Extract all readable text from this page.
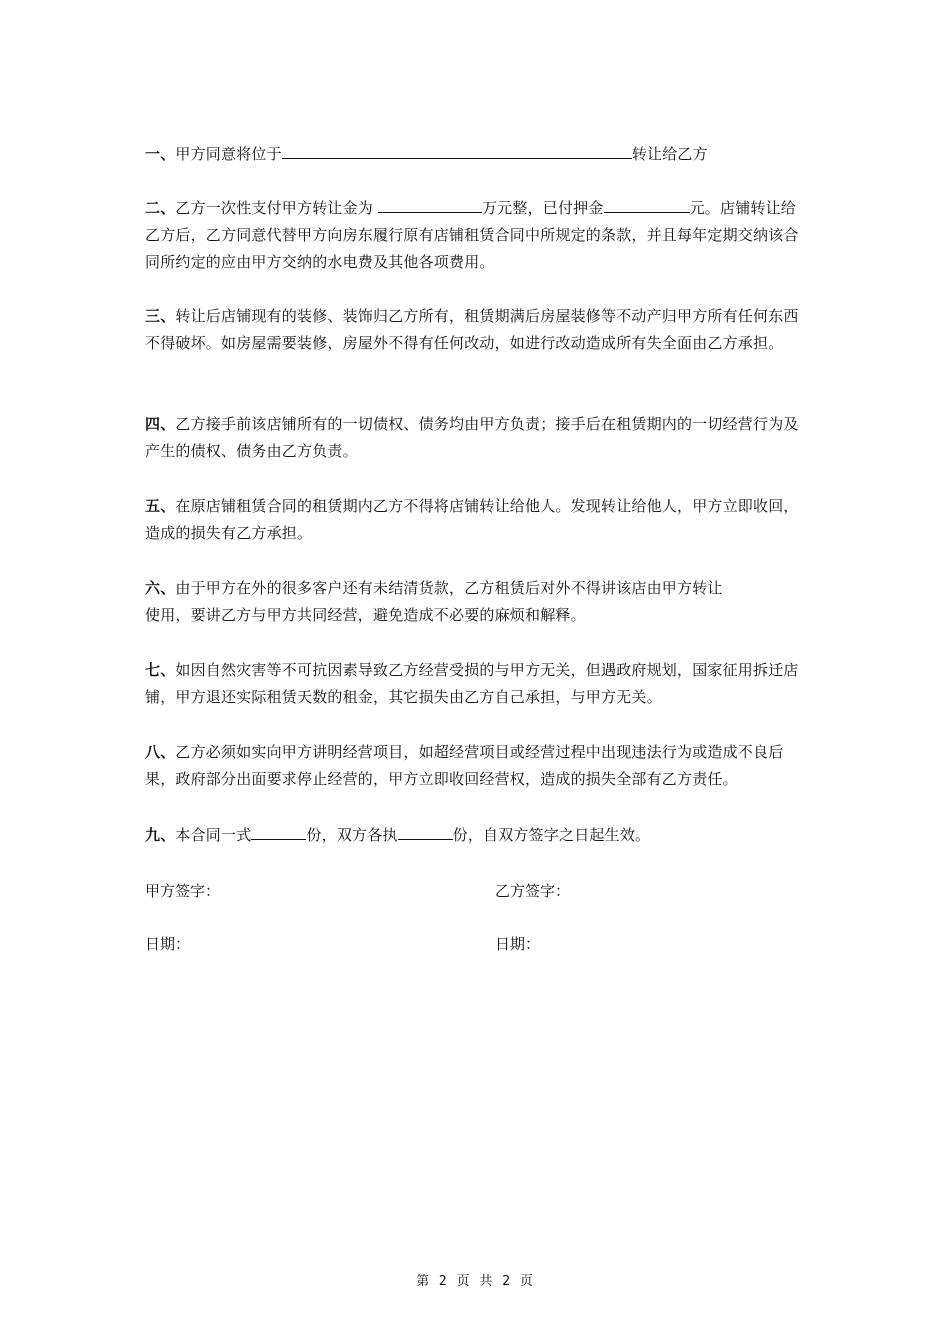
一、甲方同意将位于	转让给乙方

二、乙方一次性支付甲方转让金为	万元整，已付押金	元。店铺转让给乙方后，乙方同意代替甲方向房东履行原有店铺租赁合同中所规定的条款，并且每年定期交纳该合同所约定的应由甲方交纳的水电费及其他各项费用。

三、转让后店铺现有的装修、装饰归乙方所有，租赁期满后房屋装修等不动产归甲方所有任何东西不得破坏。如房屋需要装修，房屋外不得有任何改动，如进行改动造成所有失全面由乙方承担。

四、乙方接手前该店铺所有的一切债权、债务均由甲方负责；接手后在租赁期内的一切经营行为及产生的债权、债务由乙方负责。

五、在原店铺租赁合同的租赁期内乙方不得将店铺转让给他人。发现转让给他人，甲方立即收回，造成的损失有乙方承担。

六、由于甲方在外的很多客户还有未结清货款，乙方租赁后对外不得讲该店由甲方转让
使用，要讲乙方与甲方共同经营，避免造成不必要的麻烦和解释。

七、如因自然灾害等不可抗因素导致乙方经营受损的与甲方无关，但遇政府规划，国家征用拆迁店铺，甲方退还实际租赁天数的租金，其它损失由乙方自己承担，与甲方无关。

八、乙方必须如实向甲方讲明经营项目，如超经营项目或经营过程中出现违法行为或造成不良后果，政府部分出面要求停止经营的，甲方立即收回经营权，造成的损失全部有乙方责任。

九、本合同一式	份，双方各执	份，自双方签字之日起生效。

甲方签字：	乙方签字：
日期：	日期：
第 2 页 共 2 页
